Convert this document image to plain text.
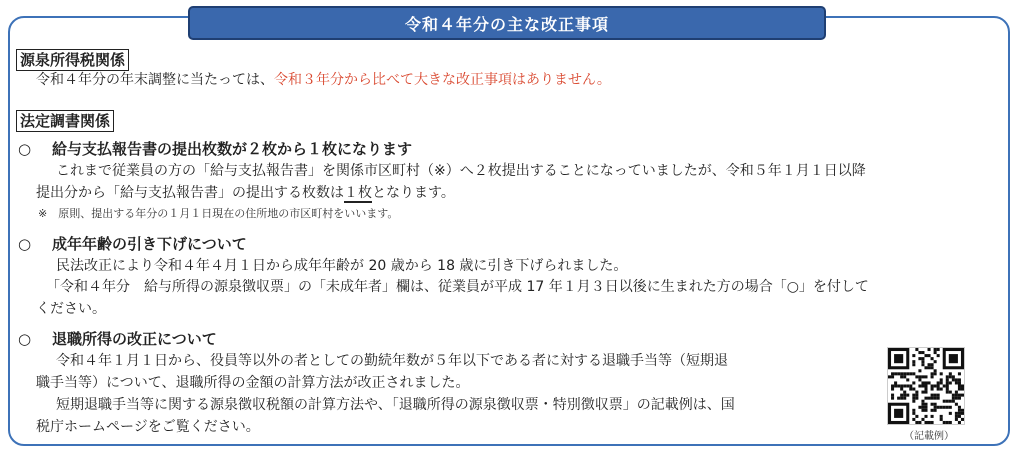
令和４年分の主な改正事項
源泉所得税関係
令和４年分の年末調整に当たっては、令和３年分から比べて大きな改正事項はありません。
法定調書関係
○ 給与支払報告書の提出枚数が２枚から１枚になります
これまで従業員の方の「給与支払報告書」を関係市区町村（※）へ２枚提出することになっていましたが、令和５年１月１日以降
提出分から「給与支払報告書」の提出する枚数は１枚となります。
※　原則、提出する年分の１月１日現在の住所地の市区町村をいいます。
○ 成年年齢の引き下げについて
民法改正により令和４年４月１日から成年年齢が 20 歳から 18 歳に引き下げられました。
「令和４年分　給与所得の源泉徴収票」の「未成年者」欄は、従業員が平成 17 年１月３日以後に生まれた方の場合「○」を付して
ください。
○ 退職所得の改正について
令和４年１月１日から、役員等以外の者としての勤続年数が５年以下である者に対する退職手当等（短期退
職手当等）について、退職所得の金額の計算方法が改正されました。
短期退職手当等に関する源泉徴収税額の計算方法や、「退職所得の源泉徴収票・特別徴収票」の記載例は、国
税庁ホームページをご覧ください。
（記載例）
